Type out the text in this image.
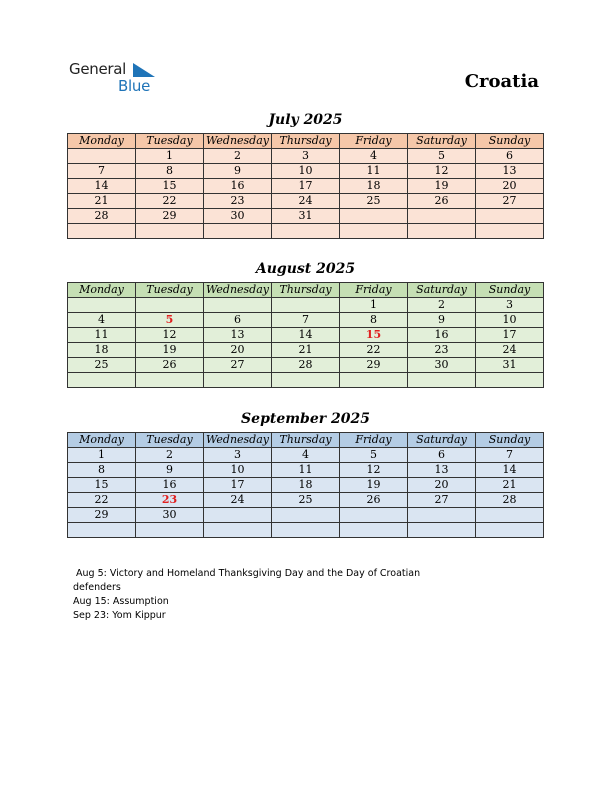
General
Blue	Croatia
July 2025
Monday	Tuesday	Wednesday	Thursday	Friday	Saturday	Sunday
	1	2	3	4	5	6
7	8	9	10	11	12	13
14	15	16	17	18	19	20
21	22	23	24	25	26	27
28	29	30	31			

August 2025
Monday	Tuesday	Wednesday	Thursday	Friday	Saturday	Sunday
				1	2	3
4	5	6	7	8	9	10
11	12	13	14	15	16	17
18	19	20	21	22	23	24
25	26	27	28	29	30	31

September 2025
Monday	Tuesday	Wednesday	Thursday	Friday	Saturday	Sunday
1	2	3	4	5	6	7
8	9	10	11	12	13	14
15	16	17	18	19	20	21
22	23	24	25	26	27	28
29	30					

Aug 5: Victory and Homeland Thanksgiving Day and the Day of Croatian
defenders
Aug 15: Assumption
Sep 23: Yom Kippur
